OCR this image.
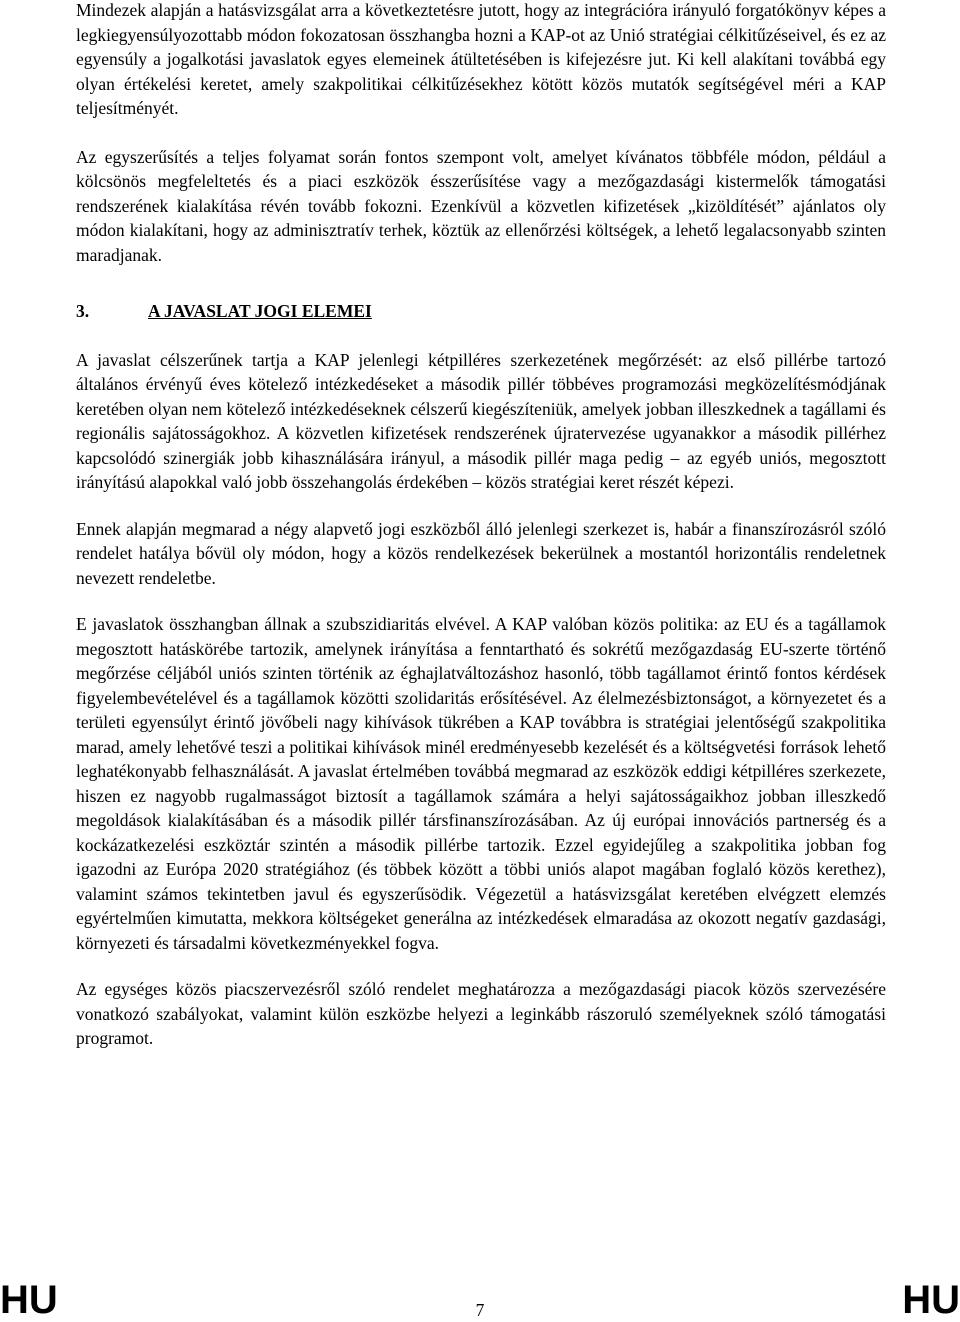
Mindezek alapján a hatásvizsgálat arra a következtetésre jutott, hogy az integrációra irányuló forgatókönyv képes a legkiegyensúlyozottabb módon fokozatosan összhangba hozni a KAP-ot az Unió stratégiai célkitűzéseivel, és ez az egyensúly a jogalkotási javaslatok egyes elemeinek átültetésében is kifejezésre jut. Ki kell alakítani továbbá egy olyan értékelési keretet, amely szakpolitikai célkitűzésekhez kötött közös mutatók segítségével méri a KAP teljesítményét.

Az egyszerűsítés a teljes folyamat során fontos szempont volt, amelyet kívánatos többféle módon, például a kölcsönös megfeleltetés és a piaci eszközök ésszerűsítése vagy a mezőgazdasági kistermelők támogatási rendszerének kialakítása révén tovább fokozni. Ezenkívül a közvetlen kifizetések „kizöldítését” ajánlatos oly módon kialakítani, hogy az adminisztratív terhek, köztük az ellenőrzési költségek, a lehető legalacsonyabb szinten maradjanak.

3.	A JAVASLAT JOGI ELEMEI

A javaslat célszerűnek tartja a KAP jelenlegi kétpilléres szerkezetének megőrzését: az első pillérbe tartozó általános érvényű éves kötelező intézkedéseket a második pillér többéves programozási megközelítésmódjának keretében olyan nem kötelező intézkedéseknek célszerű kiegészíteniük, amelyek jobban illeszkednek a tagállami és regionális sajátosságokhoz. A közvetlen kifizetések rendszerének újratervezése ugyanakkor a második pillérhez kapcsolódó szinergiák jobb kihasználására irányul, a második pillér maga pedig – az egyéb uniós, megosztott irányítású alapokkal való jobb összehangolás érdekében – közös stratégiai keret részét képezi.

Ennek alapján megmarad a négy alapvető jogi eszközből álló jelenlegi szerkezet is, habár a finanszírozásról szóló rendelet hatálya bővül oly módon, hogy a közös rendelkezések bekerülnek a mostantól horizontális rendeletnek nevezett rendeletbe.

E javaslatok összhangban állnak a szubszidiaritás elvével. A KAP valóban közös politika: az EU és a tagállamok megosztott hatáskörébe tartozik, amelynek irányítása a fenntartható és sokrétű mezőgazdaság EU-szerte történő megőrzése céljából uniós szinten történik az éghajlatváltozáshoz hasonló, több tagállamot érintő fontos kérdések figyelembevételével és a tagállamok közötti szolidaritás erősítésével. Az élelmezésbiztonságot, a környezetet és a területi egyensúlyt érintő jövőbeli nagy kihívások tükrében a KAP továbbra is stratégiai jelentőségű szakpolitika marad, amely lehetővé teszi a politikai kihívások minél eredményesebb kezelését és a költségvetési források lehető leghatékonyabb felhasználását. A javaslat értelmében továbbá megmarad az eszközök eddigi kétpilléres szerkezete, hiszen ez nagyobb rugalmasságot biztosít a tagállamok számára a helyi sajátosságaikhoz jobban illeszkedő megoldások kialakításában és a második pillér társfinanszírozásában. Az új európai innovációs partnerség és a kockázatkezelési eszköztár szintén a második pillérbe tartozik. Ezzel egyidejűleg a szakpolitika jobban fog igazodni az Európa 2020 stratégiához (és többek között a többi uniós alapot magában foglaló közös kerethez), valamint számos tekintetben javul és egyszerűsödik. Végezetül a hatásvizsgálat keretében elvégzett elemzés egyértelműen kimutatta, mekkora költségeket generálna az intézkedések elmaradása az okozott negatív gazdasági, környezeti és társadalmi következményekkel fogva.

Az egységes közös piacszervezésről szóló rendelet meghatározza a mezőgazdasági piacok közös szervezésére vonatkozó szabályokat, valamint külön eszközbe helyezi a leginkább rászoruló személyeknek szóló támogatási programot.

HU	7	HU
